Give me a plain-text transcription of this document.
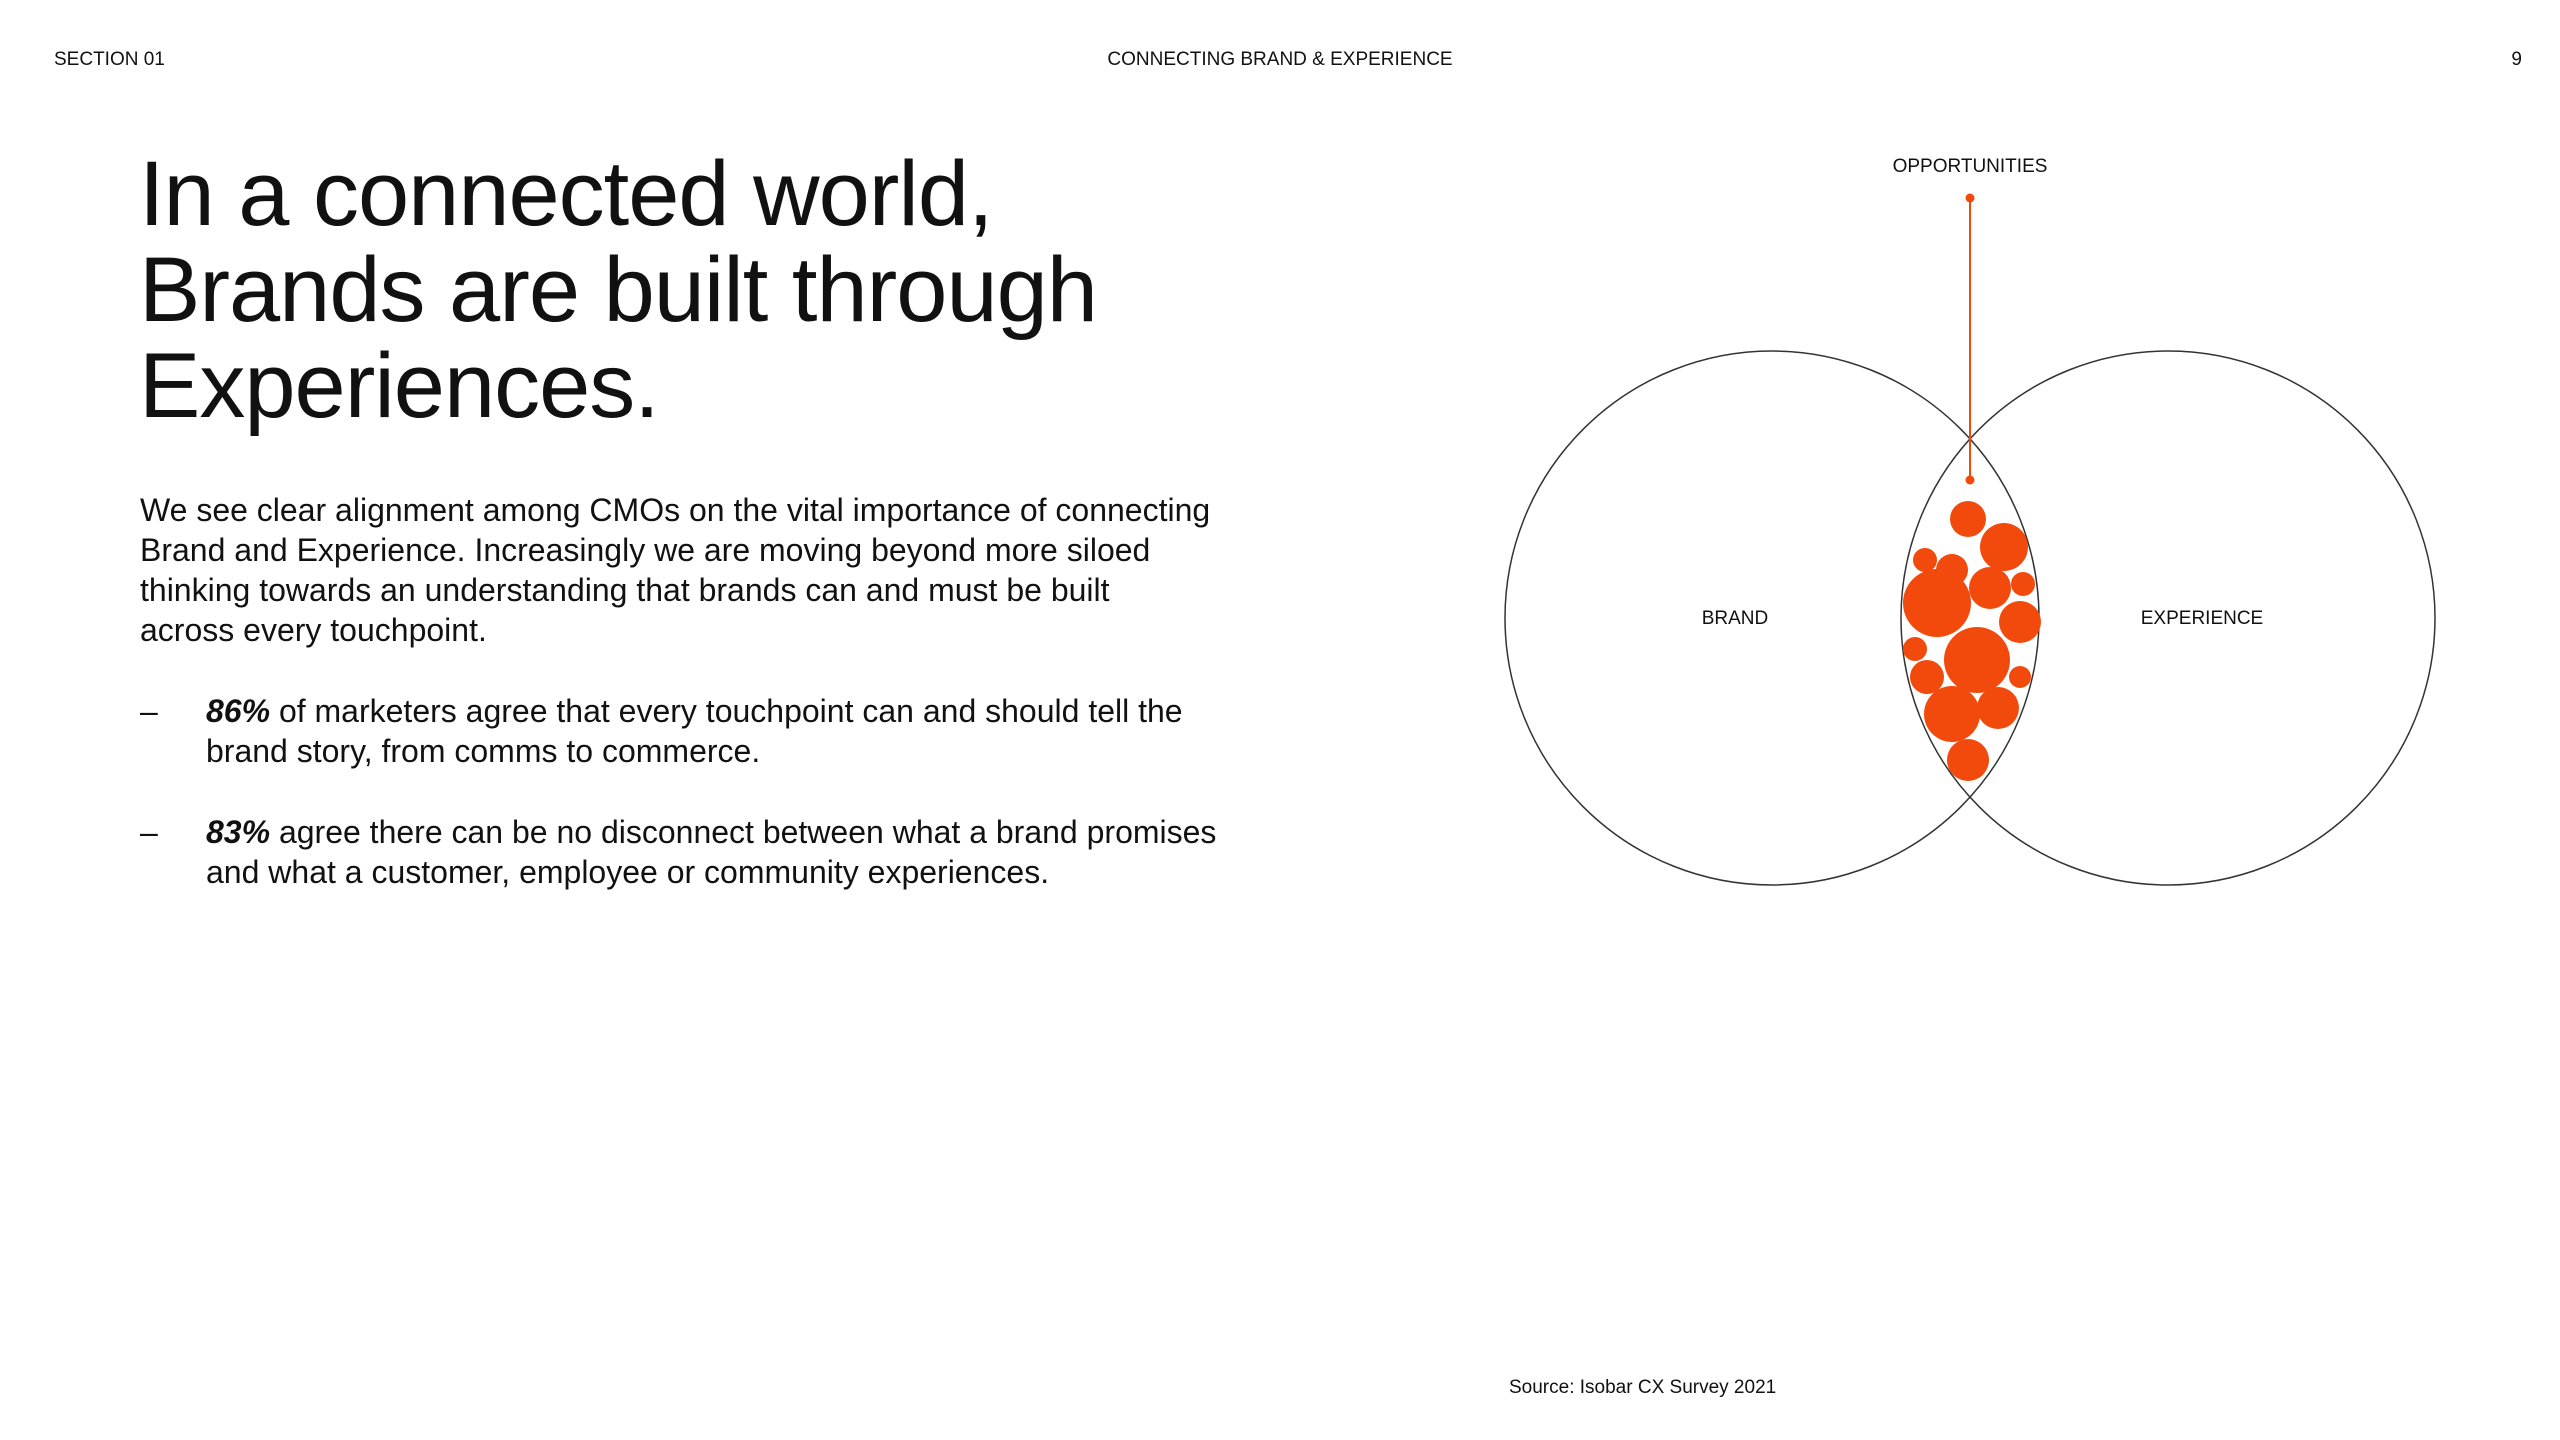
SECTION 01	CONNECTING BRAND & EXPERIENCE	9
In a connected world,
Brands are built through
Experiences.

We see clear alignment among CMOs on the vital importance of connecting
Brand and Experience. Increasingly we are moving beyond more siloed
thinking towards an understanding that brands can and must be built
across every touchpoint.

– 86% of marketers agree that every touchpoint can and should tell the
brand story, from comms to commerce.
– 83% agree there can be no disconnect between what a brand promises
and what a customer, employee or community experiences.
OPPORTUNITIES
BRAND	EXPERIENCE
Source: Isobar CX Survey 2021
